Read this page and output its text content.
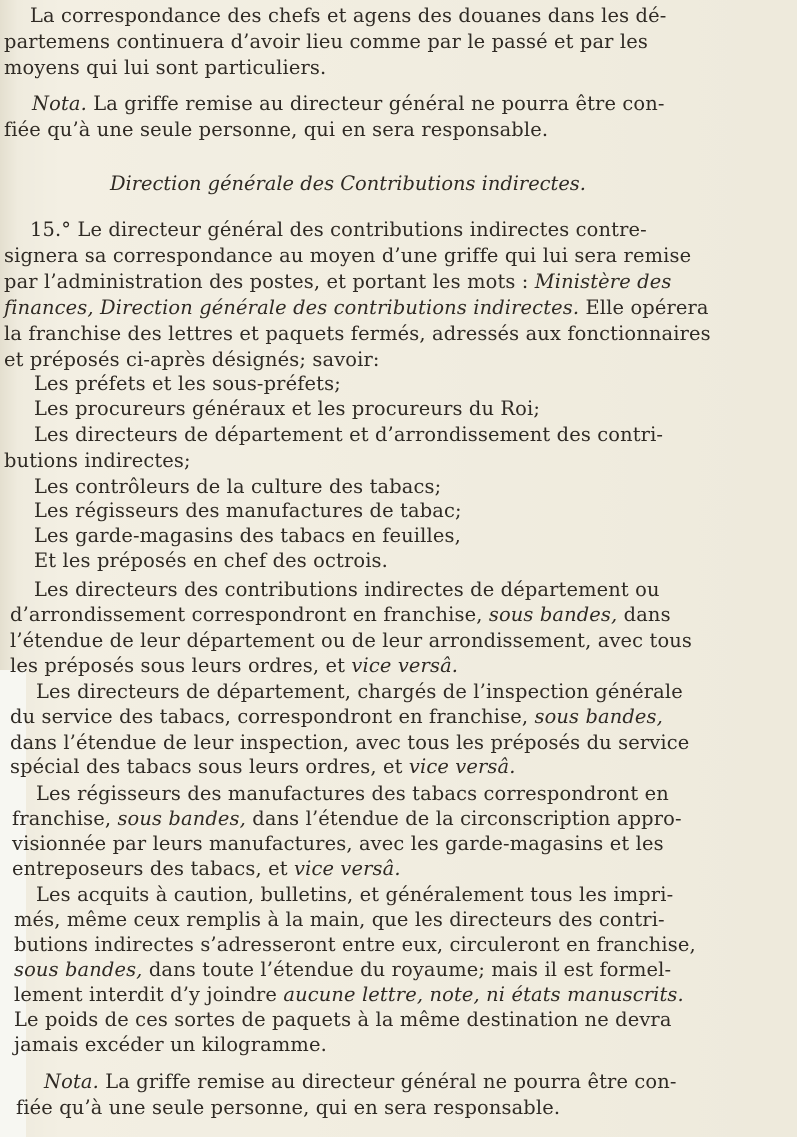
La correspondance des chefs et agens des douanes dans les dé-
partemens continuera d’avoir lieu comme par le passé et par les
moyens qui lui sont particuliers.
Nota. La griffe remise au directeur général ne pourra être con-
fiée qu’à une seule personne, qui en sera responsable.
Direction générale des Contributions indirectes.
15.° Le directeur général des contributions indirectes contre-
signera sa correspondance au moyen d’une griffe qui lui sera remise
par l’administration des postes, et portant les mots : Ministère des
finances, Direction générale des contributions indirectes. Elle opérera
la franchise des lettres et paquets fermés, adressés aux fonctionnaires
et préposés ci-après désignés; savoir:
Les préfets et les sous-préfets;
Les procureurs généraux et les procureurs du Roi;
Les directeurs de département et d’arrondissement des contri-
butions indirectes;
Les contrôleurs de la culture des tabacs;
Les régisseurs des manufactures de tabac;
Les garde-magasins des tabacs en feuilles,
Et les préposés en chef des octrois.
Les directeurs des contributions indirectes de département ou
d’arrondissement correspondront en franchise, sous bandes, dans
l’étendue de leur département ou de leur arrondissement, avec tous
les préposés sous leurs ordres, et vice versâ.
Les directeurs de département, chargés de l’inspection générale
du service des tabacs, correspondront en franchise, sous bandes,
dans l’étendue de leur inspection, avec tous les préposés du service
spécial des tabacs sous leurs ordres, et vice versâ.
Les régisseurs des manufactures des tabacs correspondront en
franchise, sous bandes, dans l’étendue de la circonscription appro-
visionnée par leurs manufactures, avec les garde-magasins et les
entreposeurs des tabacs, et vice versâ.
Les acquits à caution, bulletins, et généralement tous les impri-
més, même ceux remplis à la main, que les directeurs des contri-
butions indirectes s’adresseront entre eux, circuleront en franchise,
sous bandes, dans toute l’étendue du royaume; mais il est formel-
lement interdit d’y joindre aucune lettre, note, ni états manuscrits.
Le poids de ces sortes de paquets à la même destination ne devra
jamais excéder un kilogramme.
Nota. La griffe remise au directeur général ne pourra être con-
fiée qu’à une seule personne, qui en sera responsable.
